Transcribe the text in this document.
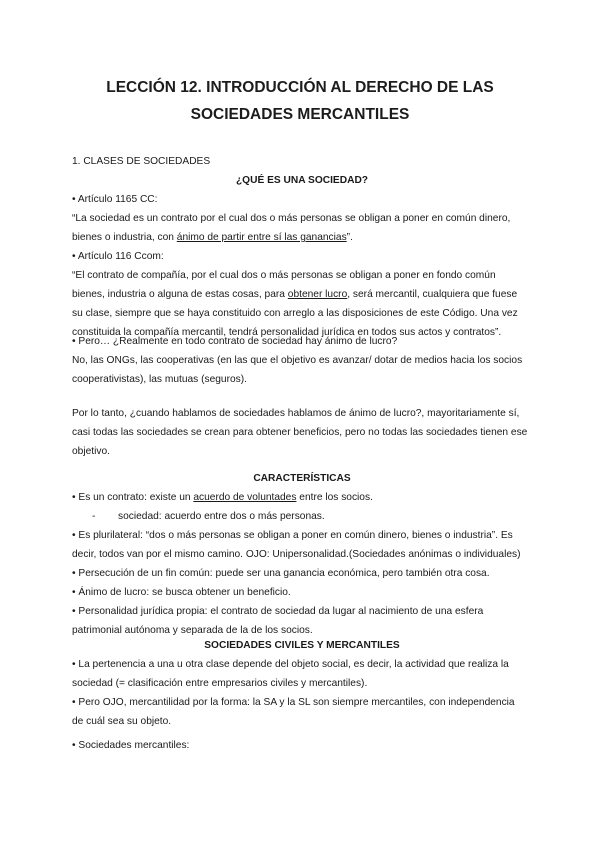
LECCIÓN 12. INTRODUCCIÓN AL DERECHO DE LAS
SOCIEDADES MERCANTILES
1. CLASES DE SOCIEDADES
¿QUÉ ES UNA SOCIEDAD?
• Artículo 1165 CC:
“La sociedad es un contrato por el cual dos o más personas se obligan a poner en común dinero,
bienes o industria, con ánimo de partir entre sí las ganancias”.
• Artículo 116 Ccom:
“El contrato de compañía, por el cual dos o más personas se obligan a poner en fondo común
bienes, industria o alguna de estas cosas, para obtener lucro, será mercantil, cualquiera que fuese
su clase, siempre que se haya constituido con arreglo a las disposiciones de este Código. Una vez
constituida la compañía mercantil, tendrá personalidad jurídica en todos sus actos y contratos”.
• Pero… ¿Realmente en todo contrato de sociedad hay ánimo de lucro?
No, las ONGs, las cooperativas (en las que el objetivo es avanzar/ dotar de medios hacia los socios
cooperativistas), las mutuas (seguros).
Por lo tanto, ¿cuando hablamos de sociedades hablamos de ánimo de lucro?, mayoritariamente sí,
casi todas las sociedades se crean para obtener beneficios, pero no todas las sociedades tienen ese
objetivo.
CARACTERÍSTICAS
• Es un contrato: existe un acuerdo de voluntades entre los socios.
- sociedad: acuerdo entre dos o más personas.
• Es plurilateral: “dos o más personas se obligan a poner en común dinero, bienes o industria”. Es
decir, todos van por el mismo camino. OJO: Unipersonalidad.(Sociedades anónimas o individuales)
• Persecución de un fin común: puede ser una ganancia económica, pero también otra cosa.
• Ánimo de lucro: se busca obtener un beneficio.
• Personalidad jurídica propia: el contrato de sociedad da lugar al nacimiento de una esfera
patrimonial autónoma y separada de la de los socios.
SOCIEDADES CIVILES Y MERCANTILES
• La pertenencia a una u otra clase depende del objeto social, es decir, la actividad que realiza la
sociedad (= clasificación entre empresarios civiles y mercantiles).
• Pero OJO, mercantilidad por la forma: la SA y la SL son siempre mercantiles, con independencia
de cuál sea su objeto.
• Sociedades mercantiles:
